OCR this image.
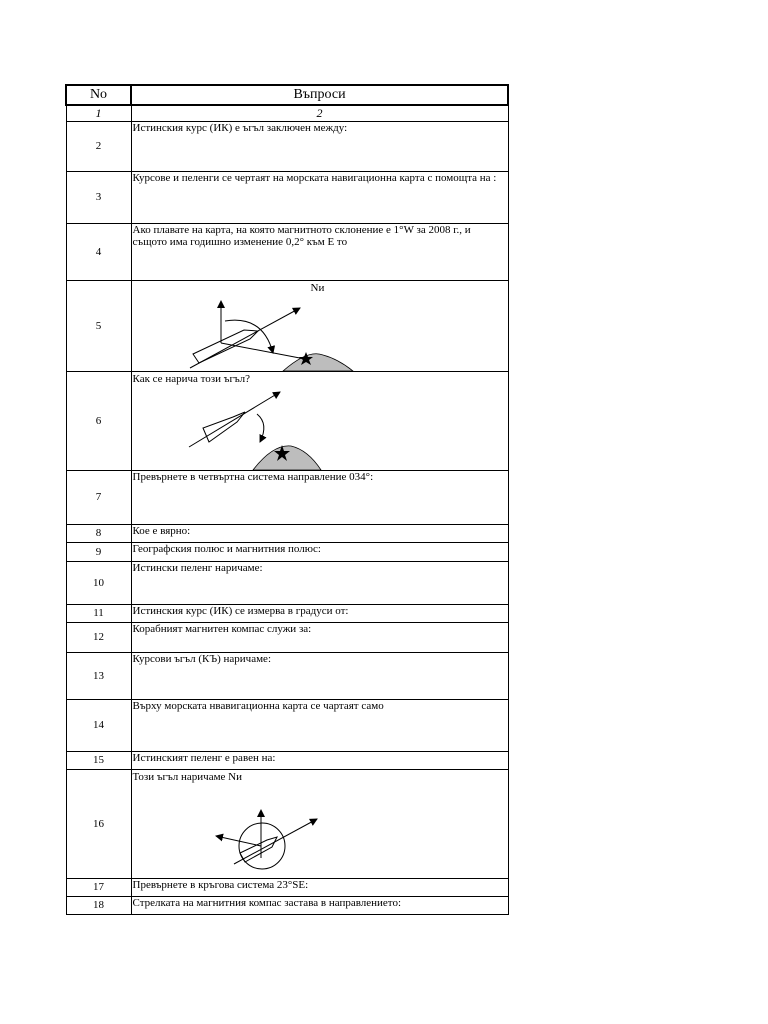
No	Въпроси
1	2
2	Истинския курс (ИК) е ъгъл заключен между:
3	Курсове и пеленги се чертаят на морската навигационна карта с помощта на :
4	Ако плавате на карта, на която магнитното склонение е 1°W за 2008 г., и същото има годишно изменение 0,2° към Е то
5	Nи

6	Как се нарича този ъгъл?

7	Превърнете в четвъртна система направление 034°:
8	Кое е вярно:
9	Географския полюс и магнитния полюс:
10	Истински пеленг наричаме:
11	Истинския курс (ИК) се измерва в градуси от:
12	Корабният магнитен компас служи за:
13	Курсови ъгъл (КЪ) наричаме:
14	Върху морската нвавигационна карта се чартаят само
15	Истинският пеленг е равен на:
16	Този ъгъл наричаме Nи

17	Превърнете в кръгова система 23°SE:
18	Стрелката на магнитния компас застава в направлението:
